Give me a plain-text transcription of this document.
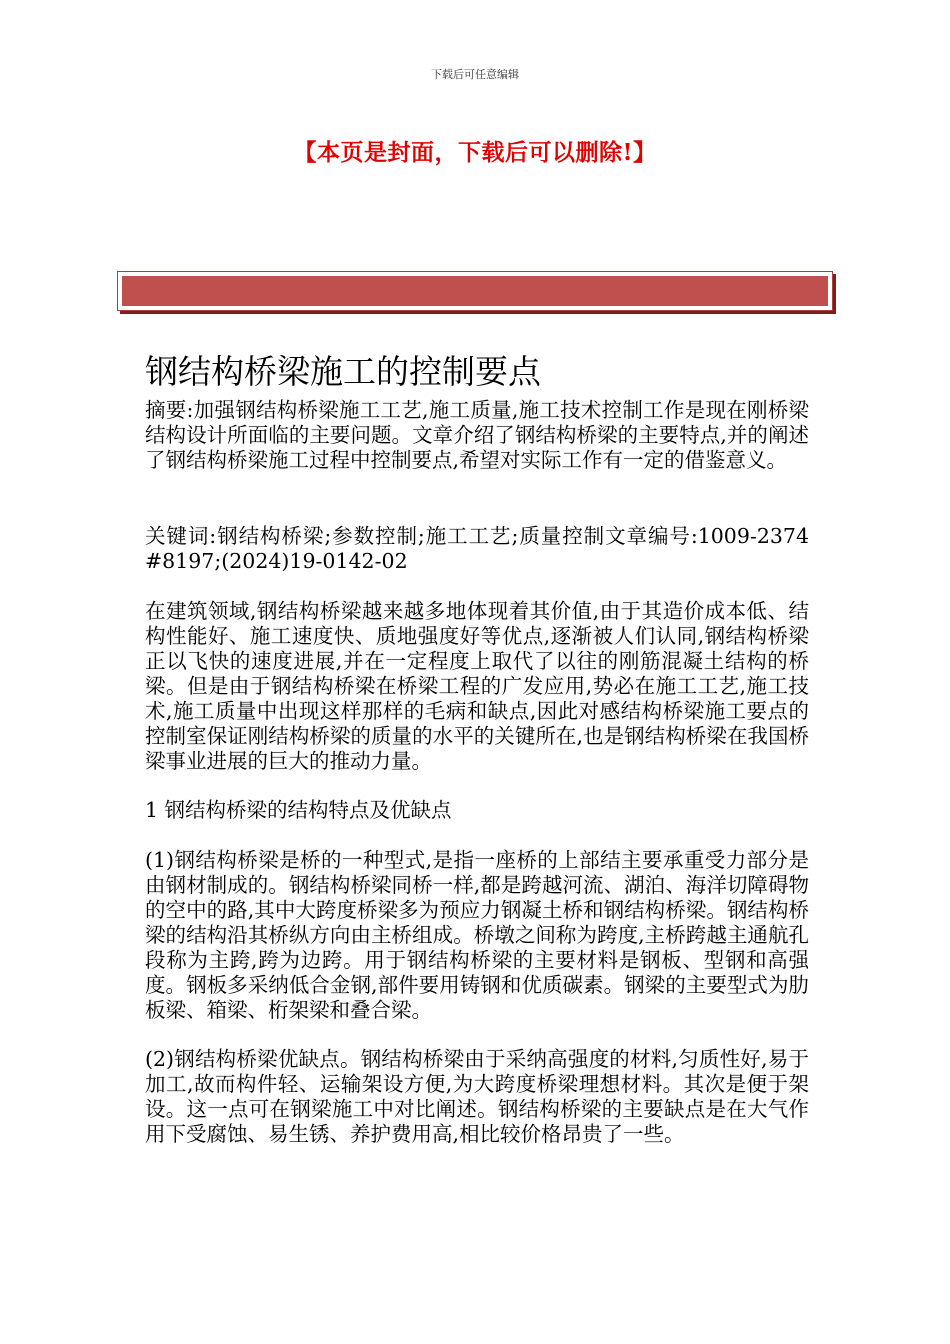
下载后可任意编辑
【本页是封面，下载后可以删除!】
钢结构桥梁施工的控制要点

摘要:加强钢结构桥梁施工工艺,施工质量,施工技术控制工作是现在刚桥梁结构设计所面临的主要问题。文章介绍了钢结构桥梁的主要特点,并的阐述了钢结构桥梁施工过程中控制要点,希望对实际工作有一定的借鉴意义。

关键词:钢结构桥梁;参数控制;施工工艺;质量控制文章编号:1009-2374 #8197;(2024)19-0142-02

在建筑领域,钢结构桥梁越来越多地体现着其价值,由于其造价成本低、结构性能好、施工速度快、质地强度好等优点,逐渐被人们认同,钢结构桥梁正以飞快的速度进展,并在一定程度上取代了以往的刚筋混凝土结构的桥梁。但是由于钢结构桥梁在桥梁工程的广发应用,势必在施工工艺,施工技术,施工质量中出现这样那样的毛病和缺点,因此对感结构桥梁施工要点的控制室保证刚结构桥梁的质量的水平的关键所在,也是钢结构桥梁在我国桥梁事业进展的巨大的推动力量。

1 钢结构桥梁的结构特点及优缺点

(1)钢结构桥梁是桥的一种型式,是指一座桥的上部结主要承重受力部分是由钢材制成的。钢结构桥梁同桥一样,都是跨越河流、湖泊、海洋切障碍物的空中的路,其中大跨度桥梁多为预应力钢凝土桥和钢结构桥梁。钢结构桥梁的结构沿其桥纵方向由主桥组成。桥墩之间称为跨度,主桥跨越主通航孔段称为主跨,跨为边跨。用于钢结构桥梁的主要材料是钢板、型钢和高强度。钢板多采纳低合金钢,部件要用铸钢和优质碳素。钢梁的主要型式为肋板梁、箱梁、桁架梁和叠合梁。

(2)钢结构桥梁优缺点。钢结构桥梁由于采纳高强度的材料,匀质性好,易于加工,故而构件轻、运输架设方便,为大跨度桥梁理想材料。其次是便于架设。这一点可在钢梁施工中对比阐述。钢结构桥梁的主要缺点是在大气作用下受腐蚀、易生锈、养护费用高,相比较价格昂贵了一些。
